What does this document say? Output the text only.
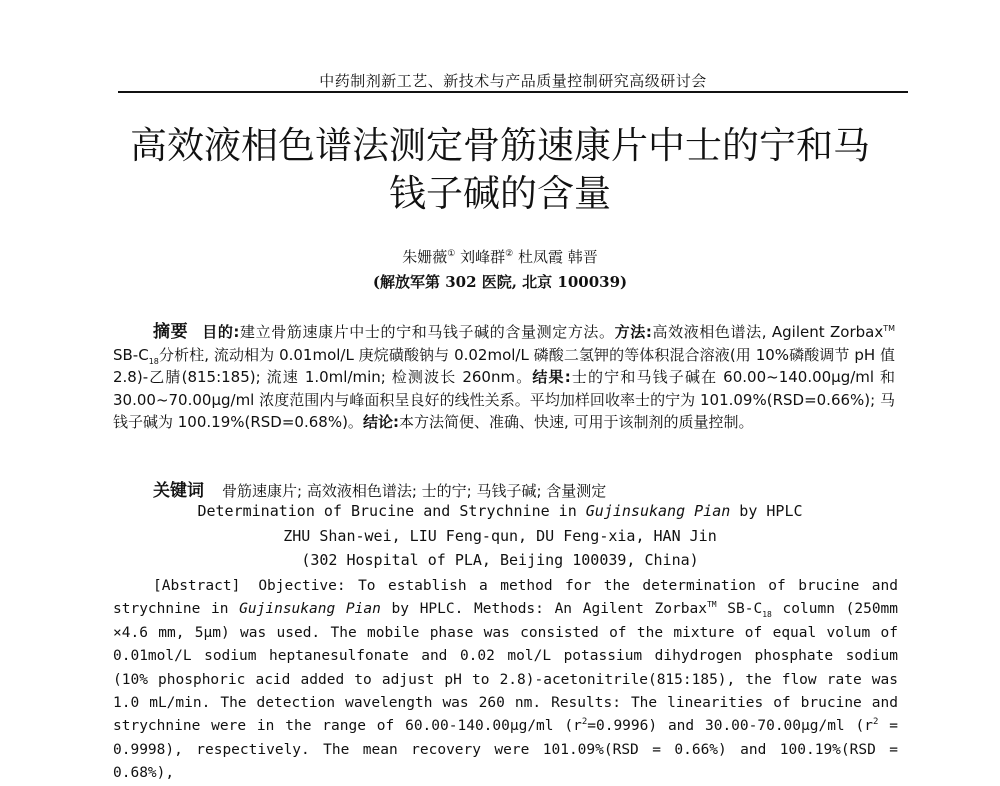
中药制剂新工艺、新技术与产品质量控制研究高级研讨会
高效液相色谱法测定骨筋速康片中士的宁和马
钱子碱的含量
朱姗薇① 刘峰群② 杜凤霞 韩晋
(解放军第 302 医院, 北京 100039)
摘要 目的:建立骨筋速康片中士的宁和马钱子碱的含量测定方法。方法:高效液相色谱法, Agilent Zorbax™ $SB-C_{18}$分析柱, 流动相为 0.01mol/L 庚烷磺酸钠与 0.02mol/L 磷酸二氢钾的等体积混合溶液(用 10%磷酸调节 pH 值 2.8)-乙腈(815:185); 流速 1.0ml/min; 检测波长 260nm。结果:士的宁和马钱子碱在 60.00~140.00μg/ml 和 30.00~70.00μg/ml 浓度范围内与峰面积呈良好的线性关系。平均加样回收率士的宁为 101.09%(RSD=0.66%); 马钱子碱为 100.19%(RSD=0.68%)。结论:本方法简便、准确、快速, 可用于该制剂的质量控制。
关键词 骨筋速康片; 高效液相色谱法; 士的宁; 马钱子碱; 含量测定
Determination of Brucine and Strychnine in Gujinsukang Pian by HPLC
ZHU Shan-wei, LIU Feng-qun, DU Feng-xia, HAN Jin
(302 Hospital of PLA, Beijing 100039, China)
[Abstract] Objective: To establish a method for the determination of brucine and strychnine in Gujinsukang Pian by HPLC. Methods: An Agilent Zorbax™ $SB-C_{18}$ column (250mm ×4.6 mm, 5μm) was used. The mobile phase was consisted of the mixture of equal volum of 0.01mol/L sodium heptanesulfonate and 0.02 mol/L potassium dihydrogen phosphate sodium (10% phosphoric acid added to adjust pH to 2.8)-acetonitrile(815:185), the flow rate was 1.0 mL/min. The detection wavelength was 260 nm. Results: The linearities of brucine and strychnine were in the range of 60.00-140.00μg/ml $(r^2=0.9996)$ and 30.00-70.00μg/ml $(r^2 = 0.9998)$, respectively. The mean recovery were 101.09%(RSD = 0.66%) and 100.19%(RSD = 0.68%),
